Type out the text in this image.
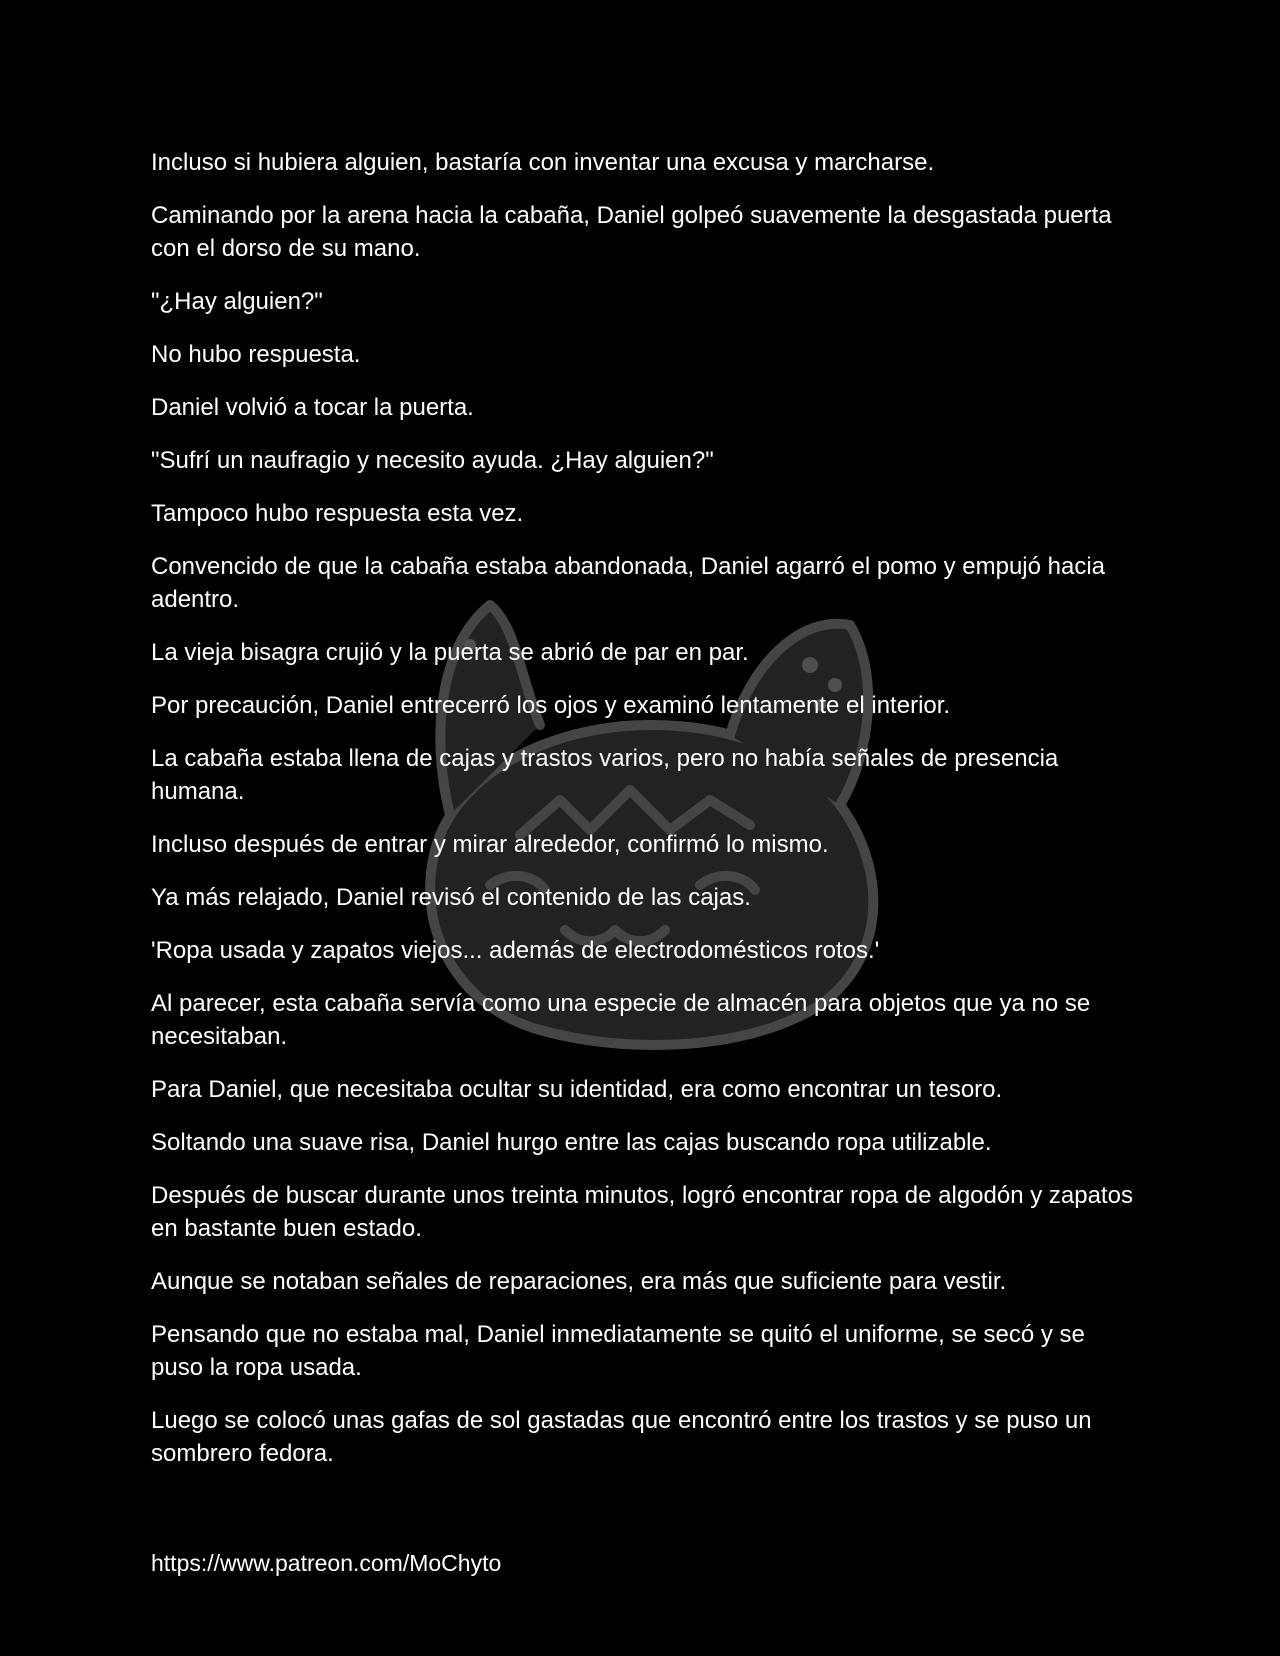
Incluso si hubiera alguien, bastaría con inventar una excusa y marcharse.

Caminando por la arena hacia la cabaña, Daniel golpeó suavemente la desgastada puerta con el dorso de su mano.

"¿Hay alguien?"

No hubo respuesta.

Daniel volvió a tocar la puerta.

"Sufrí un naufragio y necesito ayuda. ¿Hay alguien?"

Tampoco hubo respuesta esta vez.

Convencido de que la cabaña estaba abandonada, Daniel agarró el pomo y empujó hacia adentro.

La vieja bisagra crujió y la puerta se abrió de par en par.

Por precaución, Daniel entrecerró los ojos y examinó lentamente el interior.

La cabaña estaba llena de cajas y trastos varios, pero no había señales de presencia humana.

Incluso después de entrar y mirar alrededor, confirmó lo mismo.

Ya más relajado, Daniel revisó el contenido de las cajas.

'Ropa usada y zapatos viejos... además de electrodomésticos rotos.'

Al parecer, esta cabaña servía como una especie de almacén para objetos que ya no se necesitaban.

Para Daniel, que necesitaba ocultar su identidad, era como encontrar un tesoro.

Soltando una suave risa, Daniel hurgo entre las cajas buscando ropa utilizable.

Después de buscar durante unos treinta minutos, logró encontrar ropa de algodón y zapatos en bastante buen estado.

Aunque se notaban señales de reparaciones, era más que suficiente para vestir.

Pensando que no estaba mal, Daniel inmediatamente se quitó el uniforme, se secó y se puso la ropa usada.

Luego se colocó unas gafas de sol gastadas que encontró entre los trastos y se puso un sombrero fedora.

https://www.patreon.com/MoChyto
